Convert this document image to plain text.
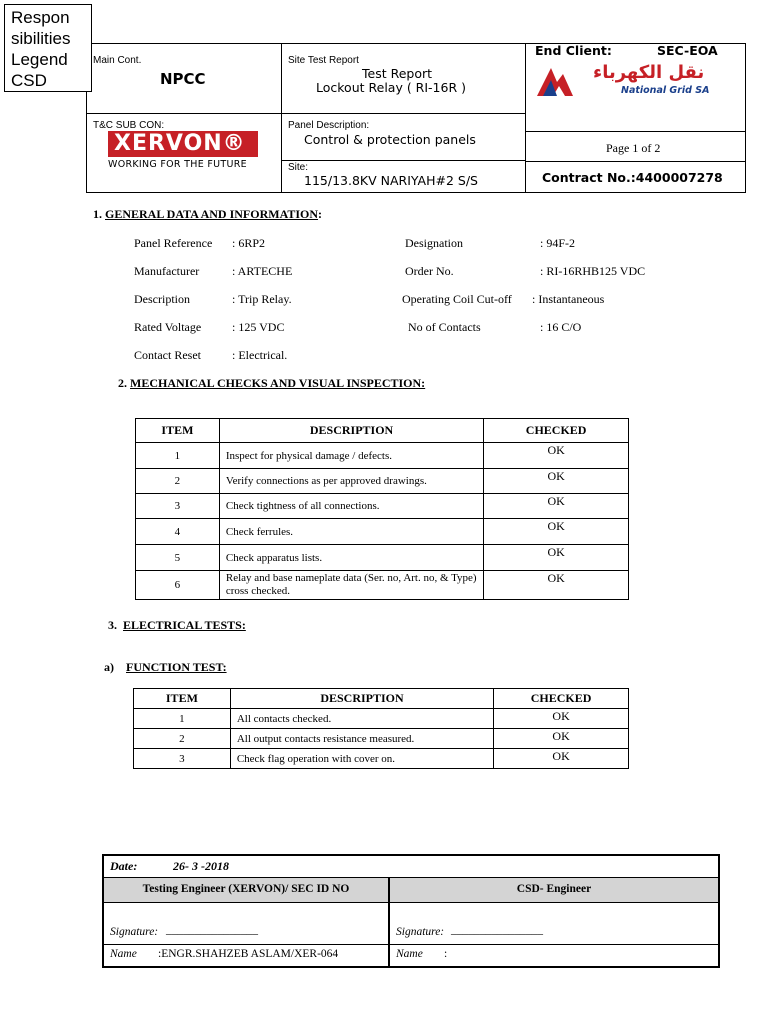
Respon
sibilities
Legend
CSD
Main Cont.
NPCC
Site Test Report
Test Report
Lockout Relay ( RI-16R )
End Client:	SEC-EOA
نقل الكهرباء
National Grid SA
T&C SUB CON:
XERVON®
WORKING FOR THE FUTURE
Panel Description:
Control & protection panels
Page 1 of 2
Site:
115/13.8KV NARIYAH#2 S/S	Contract No.:4400007278
1. GENERAL DATA AND INFORMATION:
Panel Reference : 6RP2	Designation	: 94F-2
Manufacturer	: ARTECHE	Order No.	: RI-16RHB125 VDC
Description	: Trip Relay.	Operating Coil Cut-off : Instantaneous
Rated Voltage	: 125 VDC	No of Contacts	: 16 C/O
Contact Reset	: Electrical.
2. MECHANICAL CHECKS AND VISUAL INSPECTION:
ITEM	DESCRIPTION	CHECKED
1	Inspect for physical damage / defects.	OK
2	Verify connections as per approved drawings.	OK
3	Check tightness of all connections.	OK
4	Check ferrules.	OK
5	Check apparatus lists.	OK
6	Relay and base nameplate data (Ser. no, Art. no, & Type) cross checked.	OK
3. ELECTRICAL TESTS:
a) FUNCTION TEST:
ITEM	DESCRIPTION	CHECKED
1	All contacts checked.	OK
2	All output contacts resistance measured.	OK
3	Check flag operation with cover on.	OK
Date:	26- 3 -2018
Testing Engineer (XERVON)/ SEC ID NO	CSD- Engineer
Signature: ________________	Signature: ________________
Name :ENGR.SHAHZEB ASLAM/XER-064	Name :
